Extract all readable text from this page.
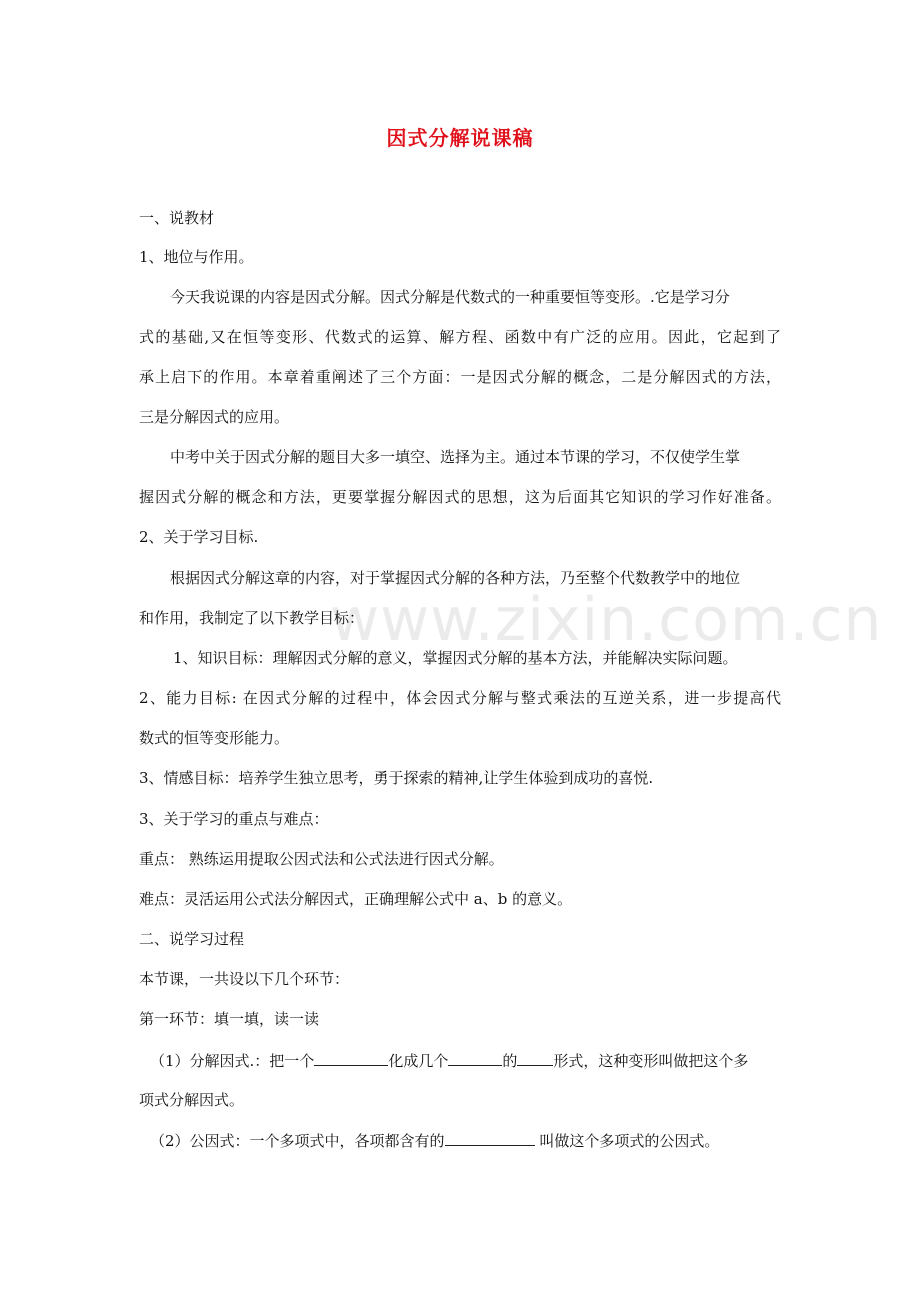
www.zixin.com.cn
因式分解说课稿
一、说教材
1、地位与作用。
今天我说课的内容是因式分解。因式分解是代数式的一种重要恒等变形。.它是学习分
式的基础,又在恒等变形、代数式的运算、解方程、函数中有广泛的应用。因此，它起到了
承上启下的作用。本章着重阐述了三个方面：一是因式分解的概念，二是分解因式的方法，
三是分解因式的应用。
中考中关于因式分解的题目大多一填空、选择为主。通过本节课的学习，不仅使学生掌
握因式分解的概念和方法，更要掌握分解因式的思想，这为后面其它知识的学习作好准备。
2、关于学习目标.
根据因式分解这章的内容，对于掌握因式分解的各种方法，乃至整个代数教学中的地位
和作用，我制定了以下教学目标：
1、知识目标：理解因式分解的意义，掌握因式分解的基本方法，并能解决实际问题。
2、能力目标: 在因式分解的过程中，体会因式分解与整式乘法的互逆关系，进一步提高代
数式的恒等变形能力。
3、情感目标：培养学生独立思考，勇于探索的精神,让学生体验到成功的喜悦.
3、关于学习的重点与难点：
重点： 熟练运用提取公因式法和公式法进行因式分解。
难点：灵活运用公式法分解因式，正确理解公式中 a、b 的意义。
二、说学习过程
本节课，一共设以下几个环节：
第一环节：填一填，读一读
（1）分解因式.：把一个	化成几个	的 形式，这种变形叫做把这个多
项式分解因式。
（2）公因式：一个多项式中，各项都含有的	叫做这个多项式的公因式。
